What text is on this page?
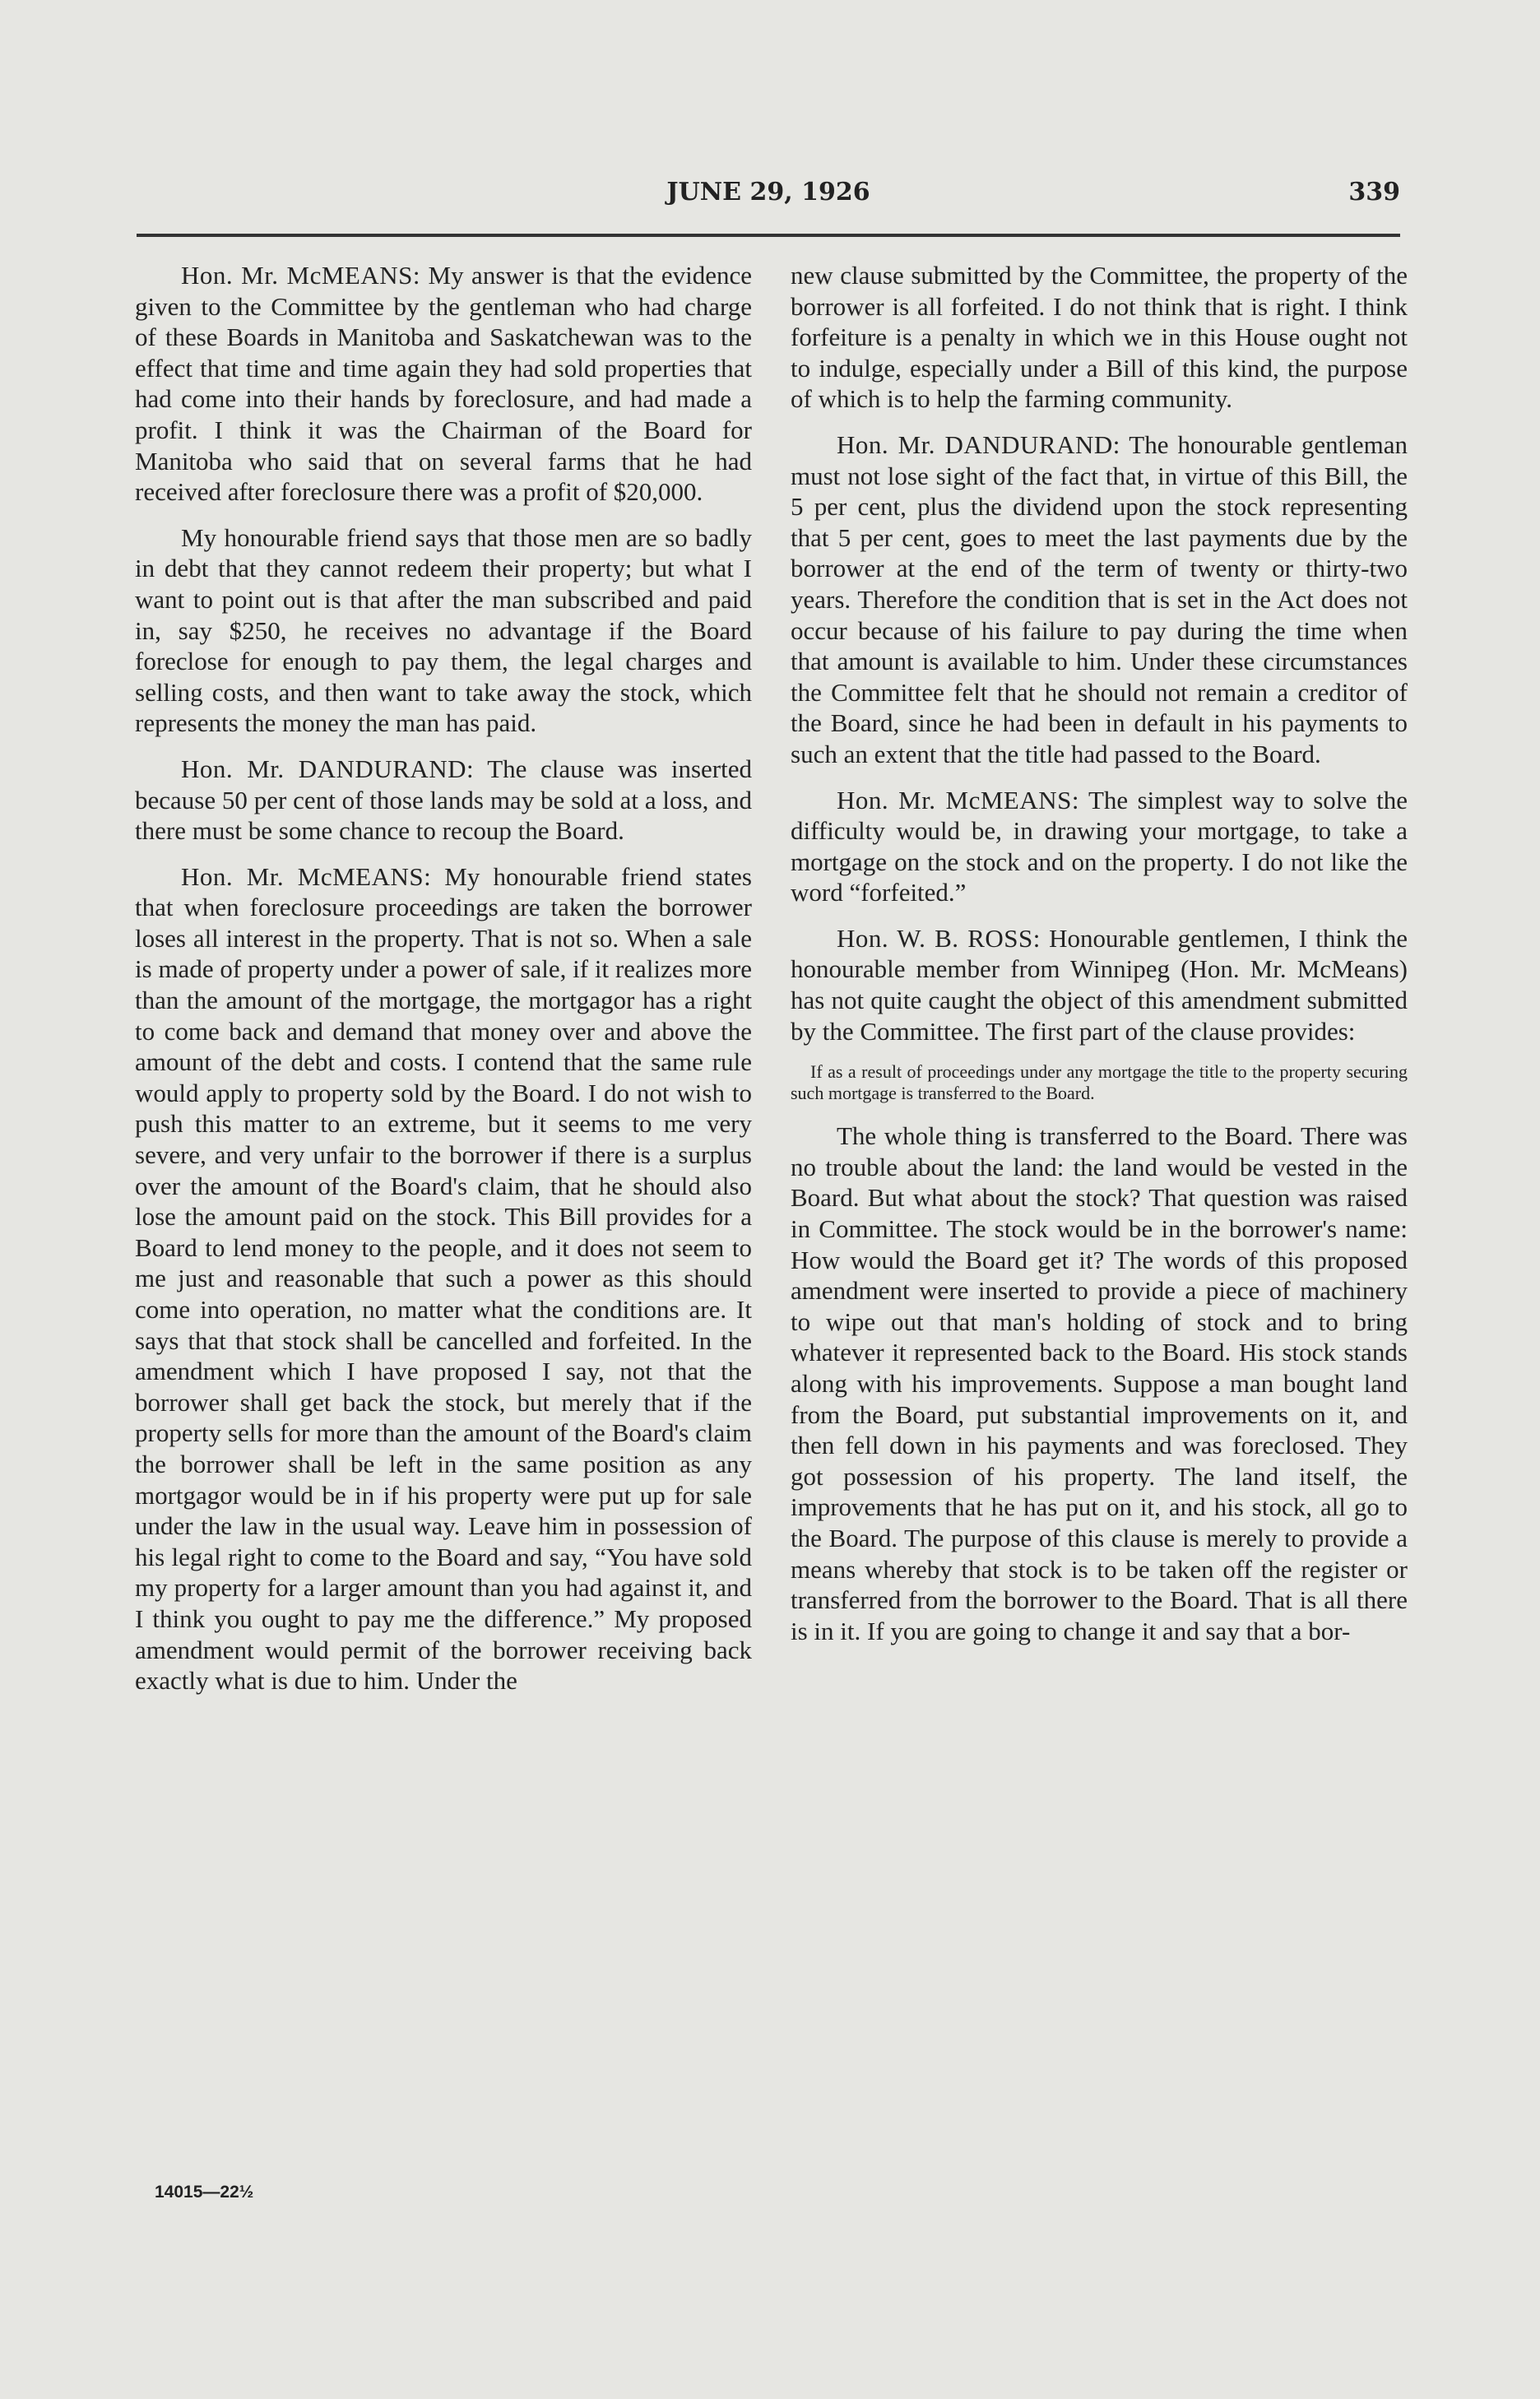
JUNE 29, 1926	339

Hon. Mr. McMEANS: My answer is that the evidence given to the Committee by the gentleman who had charge of these Boards in Manitoba and Saskatchewan was to the effect that time and time again they had sold properties that had come into their hands by foreclosure, and had made a profit. I think it was the Chairman of the Board for Manitoba who said that on several farms that he had received after foreclosure there was a profit of $20,000.

My honourable friend says that those men are so badly in debt that they cannot redeem their property; but what I want to point out is that after the man subscribed and paid in, say $250, he receives no advantage if the Board foreclose for enough to pay them, the legal charges and selling costs, and then want to take away the stock, which represents the money the man has paid.

Hon. Mr. DANDURAND: The clause was inserted because 50 per cent of those lands may be sold at a loss, and there must be some chance to recoup the Board.

Hon. Mr. McMEANS: My honourable friend states that when foreclosure proceedings are taken the borrower loses all interest in the property. That is not so. When a sale is made of property under a power of sale, if it realizes more than the amount of the mortgage, the mortgagor has a right to come back and demand that money over and above the amount of the debt and costs. I contend that the same rule would apply to property sold by the Board. I do not wish to push this matter to an extreme, but it seems to me very severe, and very unfair to the borrower if there is a surplus over the amount of the Board's claim, that he should also lose the amount paid on the stock. This Bill provides for a Board to lend money to the people, and it does not seem to me just and reasonable that such a power as this should come into operation, no matter what the conditions are. It says that that stock shall be cancelled and forfeited. In the amendment which I have proposed I say, not that the borrower shall get back the stock, but merely that if the property sells for more than the amount of the Board's claim the borrower shall be left in the same position as any mortgagor would be in if his property were put up for sale under the law in the usual way. Leave him in possession of his legal right to come to the Board and say, “You have sold my property for a larger amount than you had against it, and I think you ought to pay me the difference.” My proposed amendment would permit of the borrower receiving back exactly what is due to him. Under the

new clause submitted by the Committee, the property of the borrower is all forfeited. I do not think that is right. I think forfeiture is a penalty in which we in this House ought not to indulge, especially under a Bill of this kind, the purpose of which is to help the farming community.

Hon. Mr. DANDURAND: The honourable gentleman must not lose sight of the fact that, in virtue of this Bill, the 5 per cent, plus the dividend upon the stock representing that 5 per cent, goes to meet the last payments due by the borrower at the end of the term of twenty or thirty-two years. Therefore the condition that is set in the Act does not occur because of his failure to pay during the time when that amount is available to him. Under these circumstances the Committee felt that he should not remain a creditor of the Board, since he had been in default in his payments to such an extent that the title had passed to the Board.

Hon. Mr. McMEANS: The simplest way to solve the difficulty would be, in drawing your mortgage, to take a mortgage on the stock and on the property. I do not like the word “forfeited.”

Hon. W. B. ROSS: Honourable gentlemen, I think the honourable member from Winnipeg (Hon. Mr. McMeans) has not quite caught the object of this amendment submitted by the Committee. The first part of the clause provides:

If as a result of proceedings under any mortgage the title to the property securing such mortgage is transferred to the Board.

The whole thing is transferred to the Board. There was no trouble about the land: the land would be vested in the Board. But what about the stock? That question was raised in Committee. The stock would be in the borrower's name: How would the Board get it? The words of this proposed amendment were inserted to provide a piece of machinery to wipe out that man's holding of stock and to bring whatever it represented back to the Board. His stock stands along with his improvements. Suppose a man bought land from the Board, put substantial improvements on it, and then fell down in his payments and was foreclosed. They got possession of his property. The land itself, the improvements that he has put on it, and his stock, all go to the Board. The purpose of this clause is merely to provide a means whereby that stock is to be taken off the register or transferred from the borrower to the Board. That is all there is in it. If you are going to change it and say that a bor-

14015—22½
